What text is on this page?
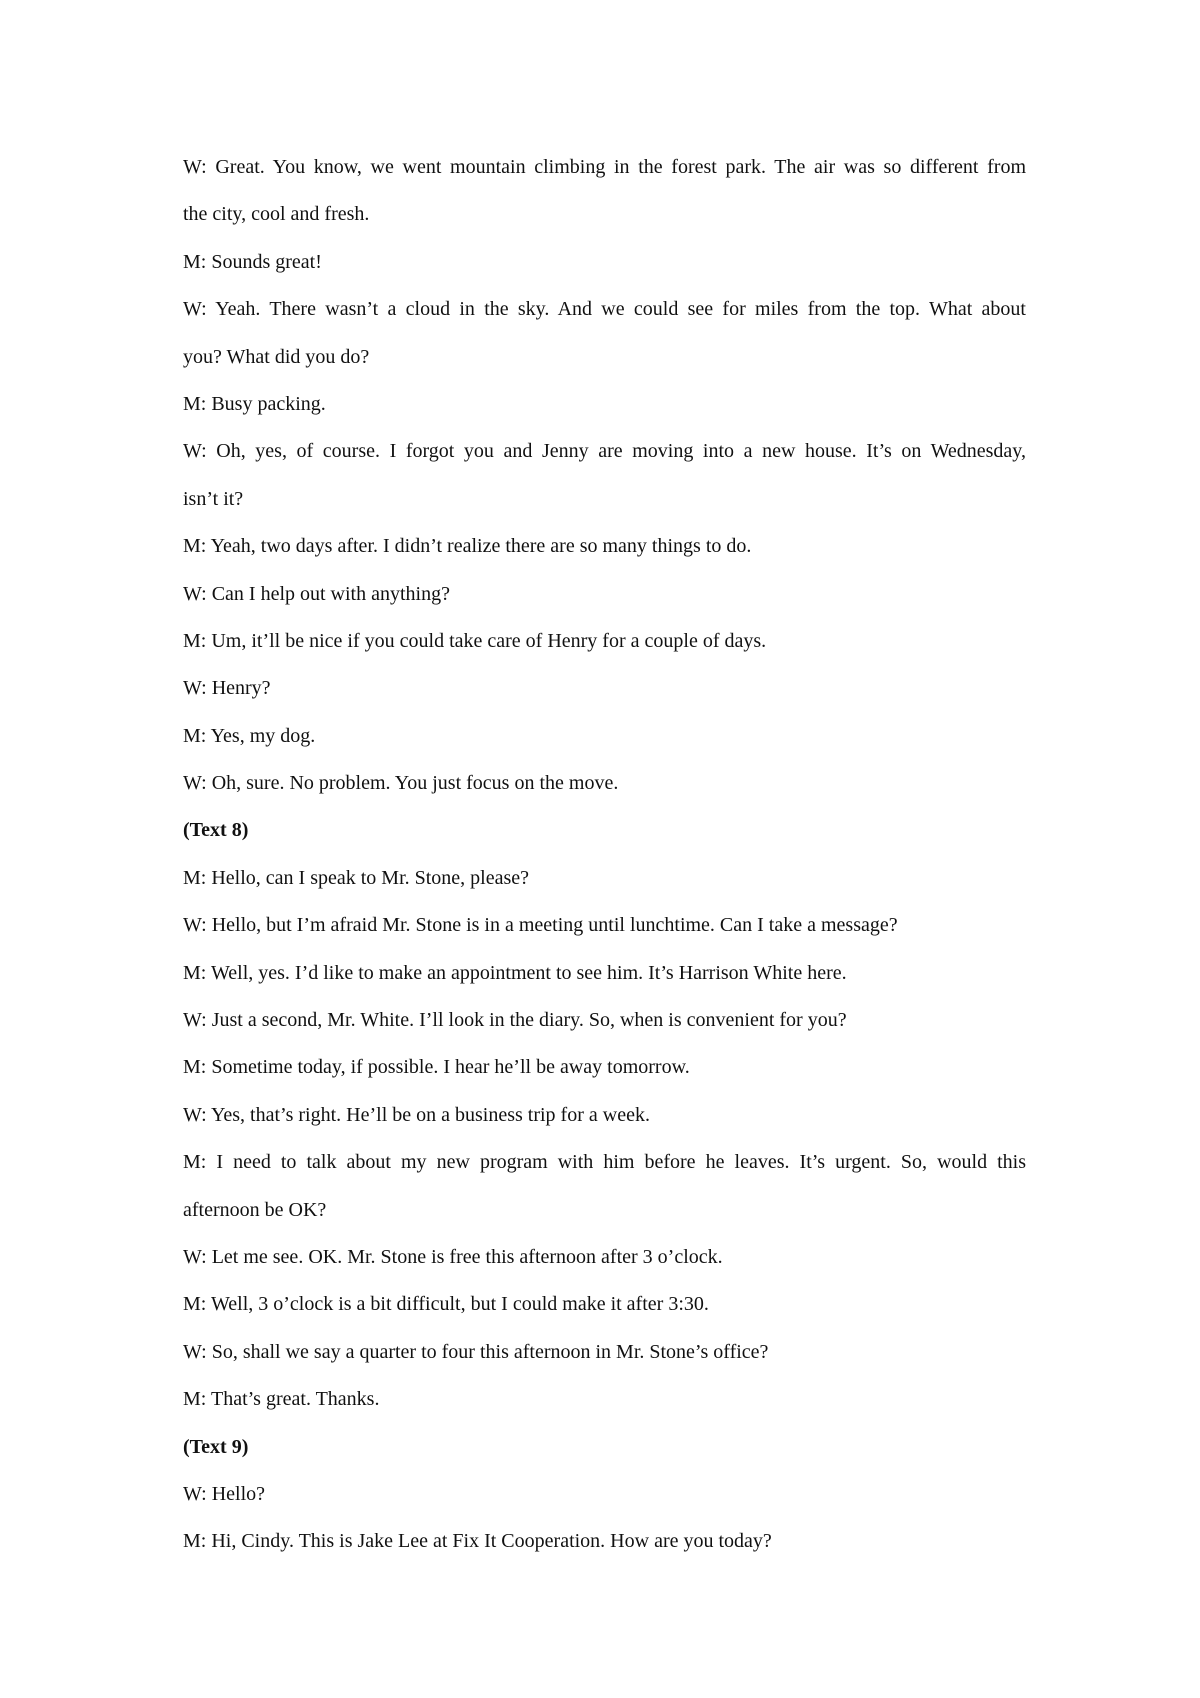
W: Great. You know, we went mountain climbing in the forest park. The air was so different from
the city, cool and fresh.
M: Sounds great!
W: Yeah. There wasn’t a cloud in the sky. And we could see for miles from the top. What about
you? What did you do?
M: Busy packing.
W: Oh, yes, of course. I forgot you and Jenny are moving into a new house. It’s on Wednesday,
isn’t it?
M: Yeah, two days after. I didn’t realize there are so many things to do.
W: Can I help out with anything?
M: Um, it’ll be nice if you could take care of Henry for a couple of days.
W: Henry?
M: Yes, my dog.
W: Oh, sure. No problem. You just focus on the move.
(Text 8)
M: Hello, can I speak to Mr. Stone, please?
W: Hello, but I’m afraid Mr. Stone is in a meeting until lunchtime. Can I take a message?
M: Well, yes. I’d like to make an appointment to see him. It’s Harrison White here.
W: Just a second, Mr. White. I’ll look in the diary. So, when is convenient for you?
M: Sometime today, if possible. I hear he’ll be away tomorrow.
W: Yes, that’s right. He’ll be on a business trip for a week.
M: I need to talk about my new program with him before he leaves. It’s urgent. So, would this
afternoon be OK?
W: Let me see. OK. Mr. Stone is free this afternoon after 3 o’clock.
M: Well, 3 o’clock is a bit difficult, but I could make it after 3:30.
W: So, shall we say a quarter to four this afternoon in Mr. Stone’s office?
M: That’s great. Thanks.
(Text 9)
W: Hello?
M: Hi, Cindy. This is Jake Lee at Fix It Cooperation. How are you today?
